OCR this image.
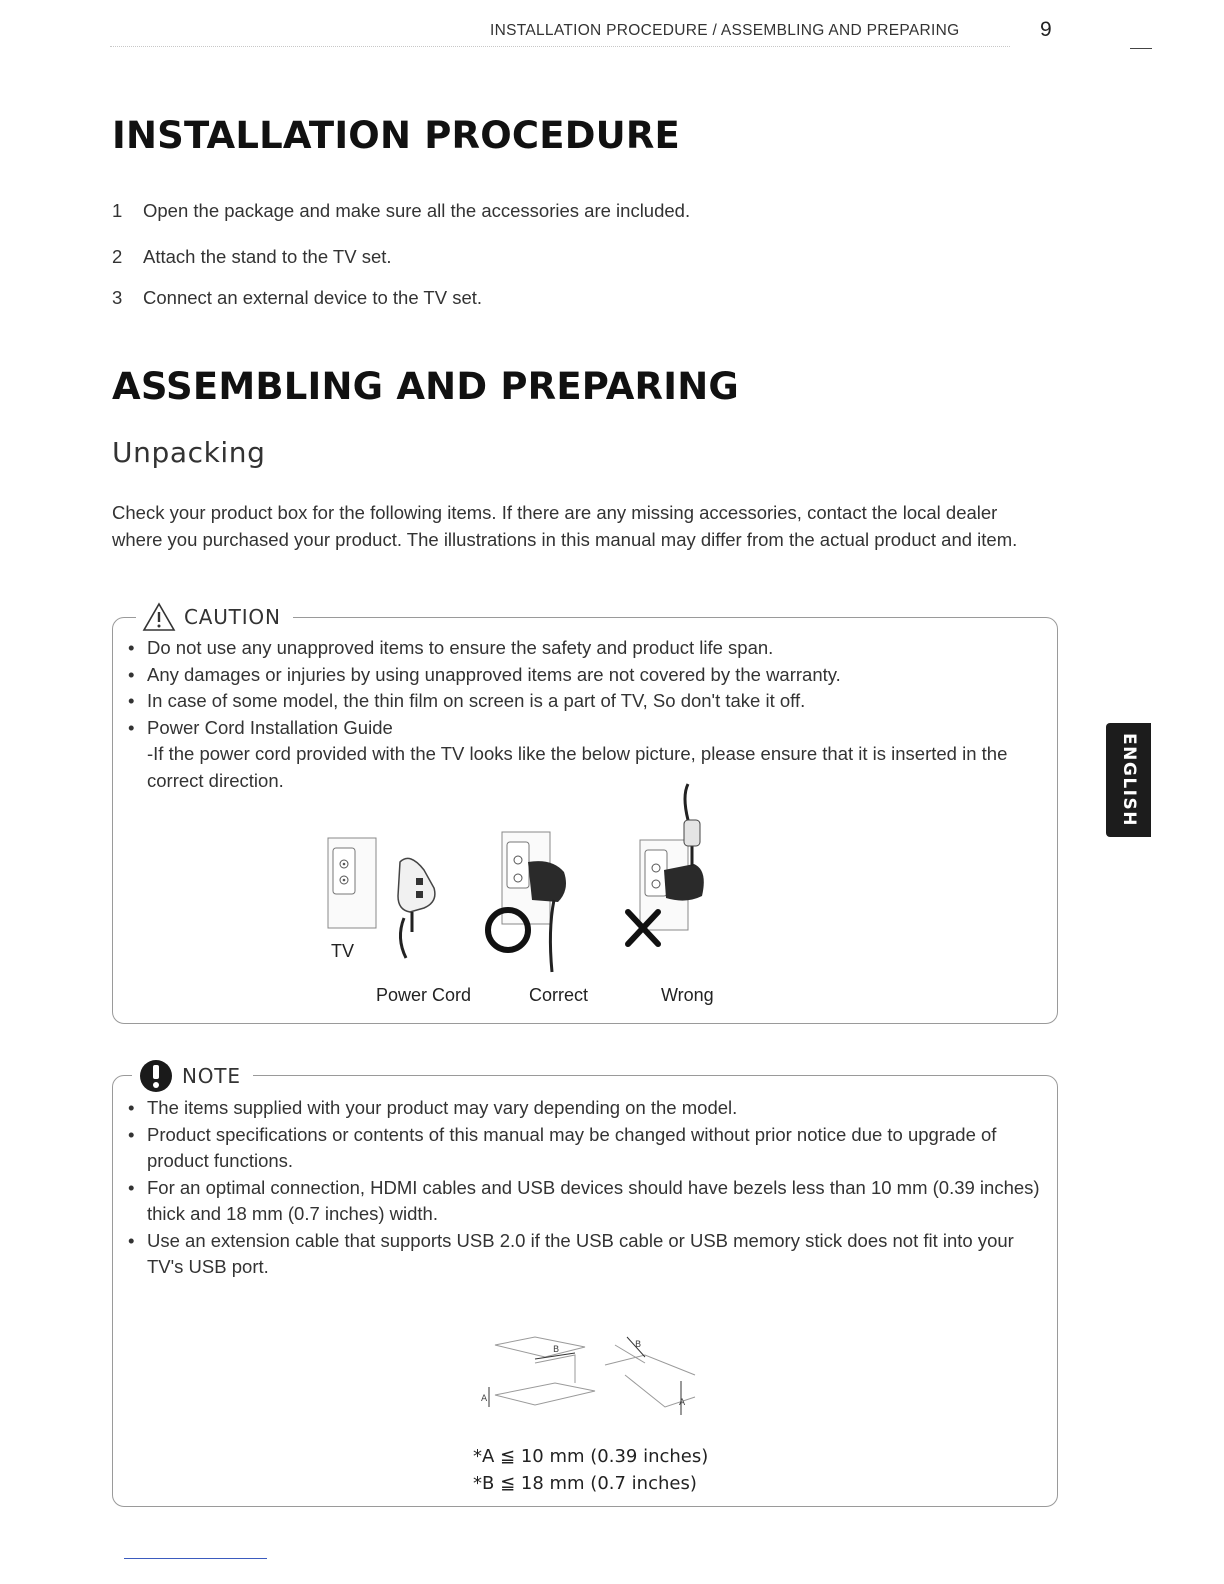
INSTALLATION PROCEDURE / ASSEMBLING AND PREPARING	9
INSTALLATION PROCEDURE
1 Open the package and make sure all the accessories are included.
2 Attach the stand to the TV set.
3 Connect an external device to the TV set.
ASSEMBLING AND PREPARING
Unpacking
Check your product box for the following items. If there are any missing accessories, contact the local dealer where you purchased your product. The illustrations in this manual may differ from the actual product and item.
CAUTION
• Do not use any unapproved items to ensure the safety and product life span.
• Any damages or injuries by using unapproved items are not covered by the warranty.
• In case of some model, the thin film on screen is a part of TV, So don't take it off.
• Power Cord Installation Guide
-If the power cord provided with the TV looks like the below picture, please ensure that it is inserted in the correct direction.
TV
Power Cord	Correct	Wrong
NOTE
• The items supplied with your product may vary depending on the model.
• Product specifications or contents of this manual may be changed without prior notice due to upgrade of product functions.
• For an optimal connection, HDMI cables and USB devices should have bezels less than 10 mm (0.39 inches) thick and 18 mm (0.7 inches) width.
• Use an extension cable that supports USB 2.0 if the USB cable or USB memory stick does not fit into your TV's USB port.
B	B
A	A
*A ≦ 10 mm (0.39 inches)
*B ≦ 18 mm (0.7 inches)
ENGLISH
